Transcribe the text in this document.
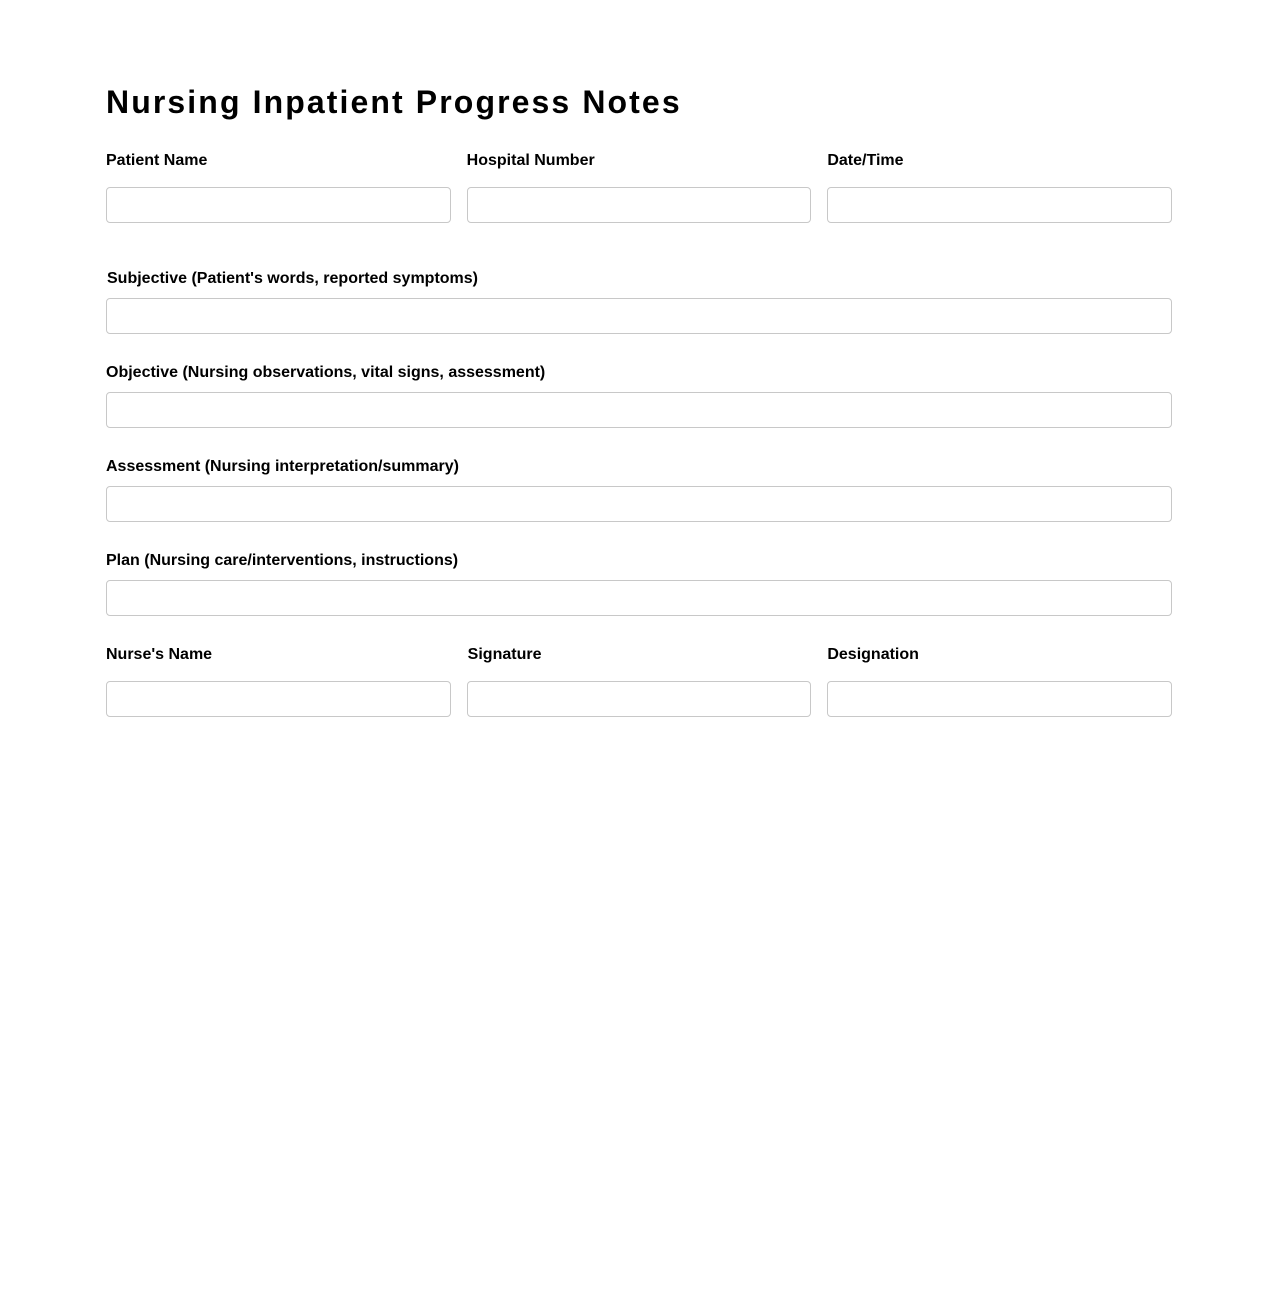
Nursing Inpatient Progress Notes
Patient Name	Hospital Number	Date/Time
Subjective (Patient's words, reported symptoms)
Objective (Nursing observations, vital signs, assessment)
Assessment (Nursing interpretation/summary)
Plan (Nursing care/interventions, instructions)
Nurse's Name	Signature	Designation
